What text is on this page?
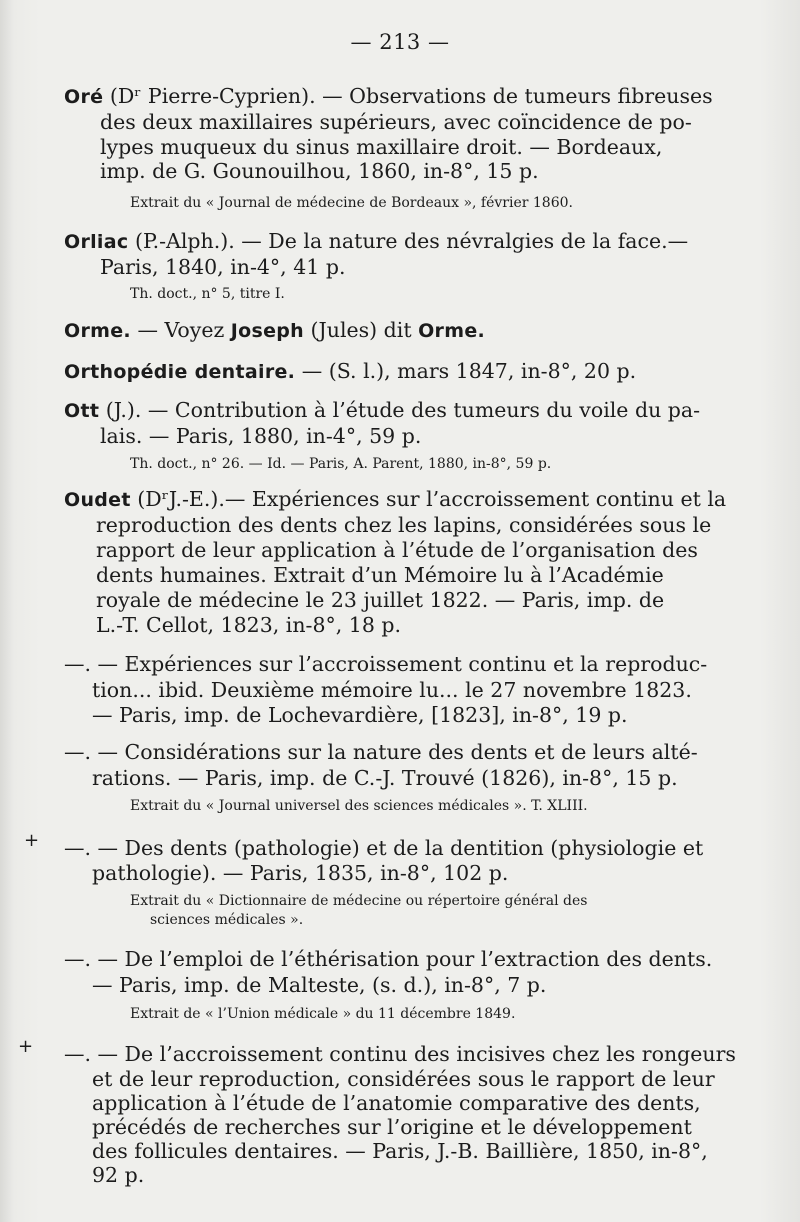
— 213 —
Oré (Dʳ Pierre-Cyprien). — Observations de tumeurs fibreuses
des deux maxillaires supérieurs, avec coïncidence de po-
lypes muqueux du sinus maxillaire droit. — Bordeaux,
imp. de G. Gounouilhou, 1860, in-8°, 15 p.
Extrait du « Journal de médecine de Bordeaux », février 1860.
Orliac (P.-Alph.). — De la nature des névralgies de la face.—
Paris, 1840, in-4°, 41 p.
Th. doct., n° 5, titre I.
Orme. — Voyez Joseph (Jules) dit Orme.
Orthopédie dentaire. — (S. l.), mars 1847, in-8°, 20 p.
Ott (J.). — Contribution à l’étude des tumeurs du voile du pa-
lais. — Paris, 1880, in-4°, 59 p.
Th. doct., n° 26. — Id. — Paris, A. Parent, 1880, in-8°, 59 p.
Oudet (DʳJ.-E.).— Expériences sur l’accroissement continu et la
reproduction des dents chez les lapins, considérées sous le
rapport de leur application à l’étude de l’organisation des
dents humaines. Extrait d’un Mémoire lu à l’Académie
royale de médecine le 23 juillet 1822. — Paris, imp. de
L.-T. Cellot, 1823, in-8°, 18 p.
—. — Expériences sur l’accroissement continu et la reproduc-
tion... ibid. Deuxième mémoire lu... le 27 novembre 1823.
— Paris, imp. de Lochevardière, [1823], in-8°, 19 p.
—. — Considérations sur la nature des dents et de leurs alté-
rations. — Paris, imp. de C.-J. Trouvé (1826), in-8°, 15 p.
Extrait du « Journal universel des sciences médicales ». T. XLIII.
+ —. — Des dents (pathologie) et de la dentition (physiologie et
pathologie). — Paris, 1835, in-8°, 102 p.
Extrait du « Dictionnaire de médecine ou répertoire général des
sciences médicales ».
—. — De l’emploi de l’éthérisation pour l’extraction des dents.
— Paris, imp. de Malteste, (s. d.), in-8°, 7 p.
Extrait de « l’Union médicale » du 11 décembre 1849.
+ —. — De l’accroissement continu des incisives chez les rongeurs
et de leur reproduction, considérées sous le rapport de leur
application à l’étude de l’anatomie comparative des dents,
précédés de recherches sur l’origine et le développement
des follicules dentaires. — Paris, J.-B. Baillière, 1850, in-8°,
92 p.
